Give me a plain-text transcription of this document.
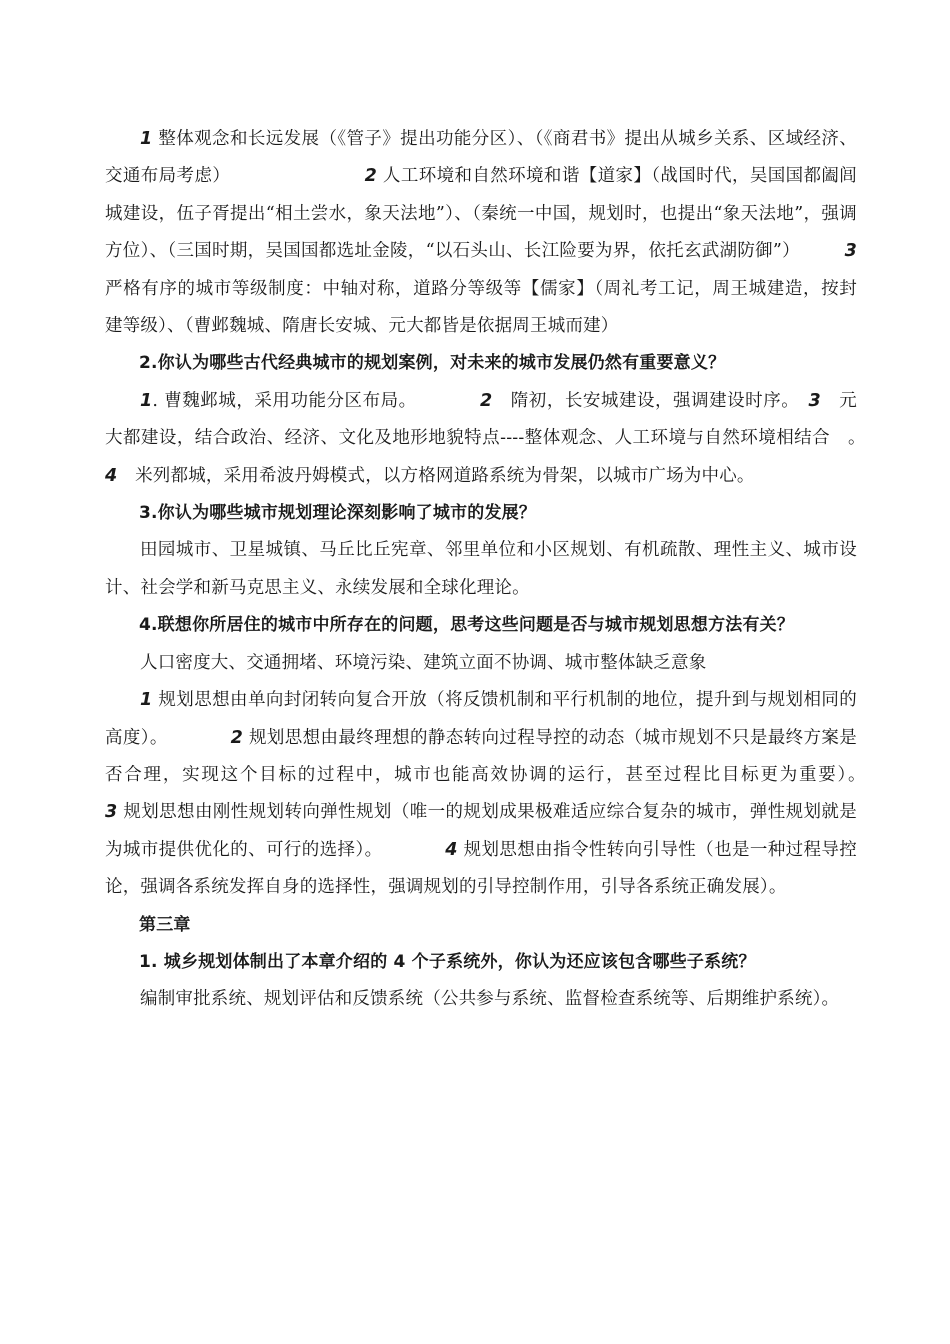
1 整体观念和长远发展（《管子》提出功能分区）、（《商君书》提出从城乡关系、区域经济、交通布局考虑）　　　　　　　　2 人工环境和自然环境和谐【道家】（战国时代，吴国国都阖闾城建设，伍子胥提出“相土尝水，象天法地”）、（秦统一中国，规划时，也提出“象天法地”，强调方位）、（三国时期，吴国国都选址金陵，“以石头山、长江险要为界，依托玄武湖防御”）　　　3 严格有序的城市等级制度：中轴对称，道路分等级等【儒家】（周礼考工记，周王城建造，按封建等级）、（曹邺魏城、隋唐长安城、元大都皆是依据周王城而建）

2.你认为哪些古代经典城市的规划案例，对未来的城市发展仍然有重要意义？

1. 曹魏邺城，采用功能分区布局。　　　　2　隋初，长安城建设，强调建设时序。　3　元大都建设，结合政治、经济、文化及地形地貌特点----整体观念、人工环境与自然环境相结合　。　　4　米列都城，采用希波丹姆模式，以方格网道路系统为骨架，以城市广场为中心。

3.你认为哪些城市规划理论深刻影响了城市的发展？

田园城市、卫星城镇、马丘比丘宪章、邻里单位和小区规划、有机疏散、理性主义、城市设计、社会学和新马克思主义、永续发展和全球化理论。

4.联想你所居住的城市中所存在的问题，思考这些问题是否与城市规划思想方法有关？

人口密度大、交通拥堵、环境污染、建筑立面不协调、城市整体缺乏意象

1 规划思想由单向封闭转向复合开放（将反馈机制和平行机制的地位，提升到与规划相同的高度）。　　　　2 规划思想由最终理想的静态转向过程导控的动态（城市规划不只是最终方案是否合理，实现这个目标的过程中，城市也能高效协调的运行，甚至过程比目标更为重要）。　　　　3 规划思想由刚性规划转向弹性规划（唯一的规划成果极难适应综合复杂的城市，弹性规划就是为城市提供优化的、可行的选择）。　　　　4 规划思想由指令性转向引导性（也是一种过程导控论，强调各系统发挥自身的选择性，强调规划的引导控制作用，引导各系统正确发展）。

第三章

1. 城乡规划体制出了本章介绍的 4 个子系统外，你认为还应该包含哪些子系统？

编制审批系统、规划评估和反馈系统（公共参与系统、监督检查系统等、后期维护系统）。
